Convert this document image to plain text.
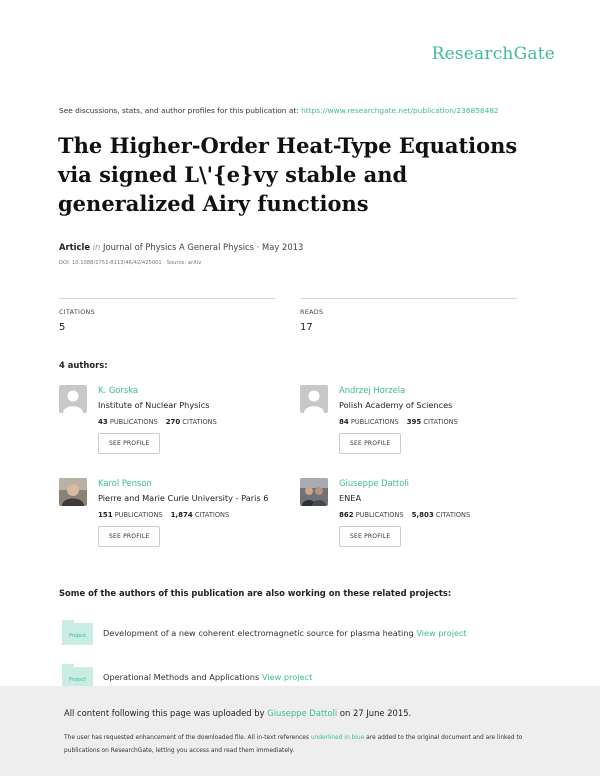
ResearchGate
See discussions, stats, and author profiles for this publication at: https://www.researchgate.net/publication/236858482
The Higher-Order Heat-Type Equations via signed L\'{e}vy stable and generalized Airy functions
Article in Journal of Physics A General Physics · May 2013
DOI: 10.1088/1751-8113/46/42/425001 · Source: arXiv
CITATIONS
5
READS
17
4 authors:
K. Gorska
Institute of Nuclear Physics
43 PUBLICATIONS 270 CITATIONS
SEE PROFILE
Andrzej Horzela
Polish Academy of Sciences
84 PUBLICATIONS 395 CITATIONS
SEE PROFILE
Karol Penson
Pierre and Marie Curie University - Paris 6
151 PUBLICATIONS 1,874 CITATIONS
SEE PROFILE
Giuseppe Dattoli
ENEA
862 PUBLICATIONS 5,803 CITATIONS
SEE PROFILE
Some of the authors of this publication are also working on these related projects:
Project Development of a new coherent electromagnetic source for plasma heating View project
Project Operational Methods and Applications View project
All content following this page was uploaded by Giuseppe Dattoli on 27 June 2015.
The user has requested enhancement of the downloaded file. All in-text references underlined in blue are added to the original document and are linked to publications on ResearchGate, letting you access and read them immediately.
